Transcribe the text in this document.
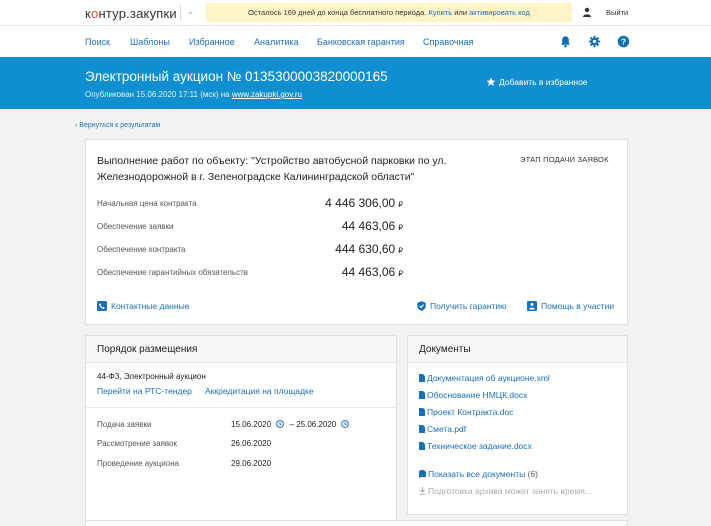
контур.закупки ⌄	Осталось 169 дней до конца бесплатного периода. Купить или активировать код	Выйти
Поиск Шаблоны Избранное Аналитика Банковская гарантия Справочная	?
Электронный аукцион № 0135300003820000165
Опубликован 15.06.2020 17:11 (мск) на www.zakupki.gov.ru
Добавить в избранное
‹ Вернуться к результатам
Выполнение работ по объекту: "Устройство автобусной парковки по ул. Железнодорожной в г. Зеленоградске Калининградской области"
ЭТАП ПОДАЧИ ЗАЯВОК
Начальная цена контракта	4 446 306,00 ₽
Обеспечение заявки	44 463,06 ₽
Обеспечение контракта	444 630,60 ₽
Обеспечение гарантийных обязательств	44 463,06 ₽
Контактные данные	Получить гарантию	Помощь в участии
Порядок размещения
44-ФЗ, Электронный аукцион
Перейти на РТС-тендер Аккредитация на площадке
Подача заявки	15.06.2020 – 25.06.2020
Рассмотрение заявок	26.06.2020
Проведение аукциона	29.06.2020
Документы
Документация об аукционе.xml
Обоснование НМЦК.docx
Проект Контракта.doc
Смета.pdf
Техническое задание.docx
Показать все документы (6)
Подготовка архива может занять время...
